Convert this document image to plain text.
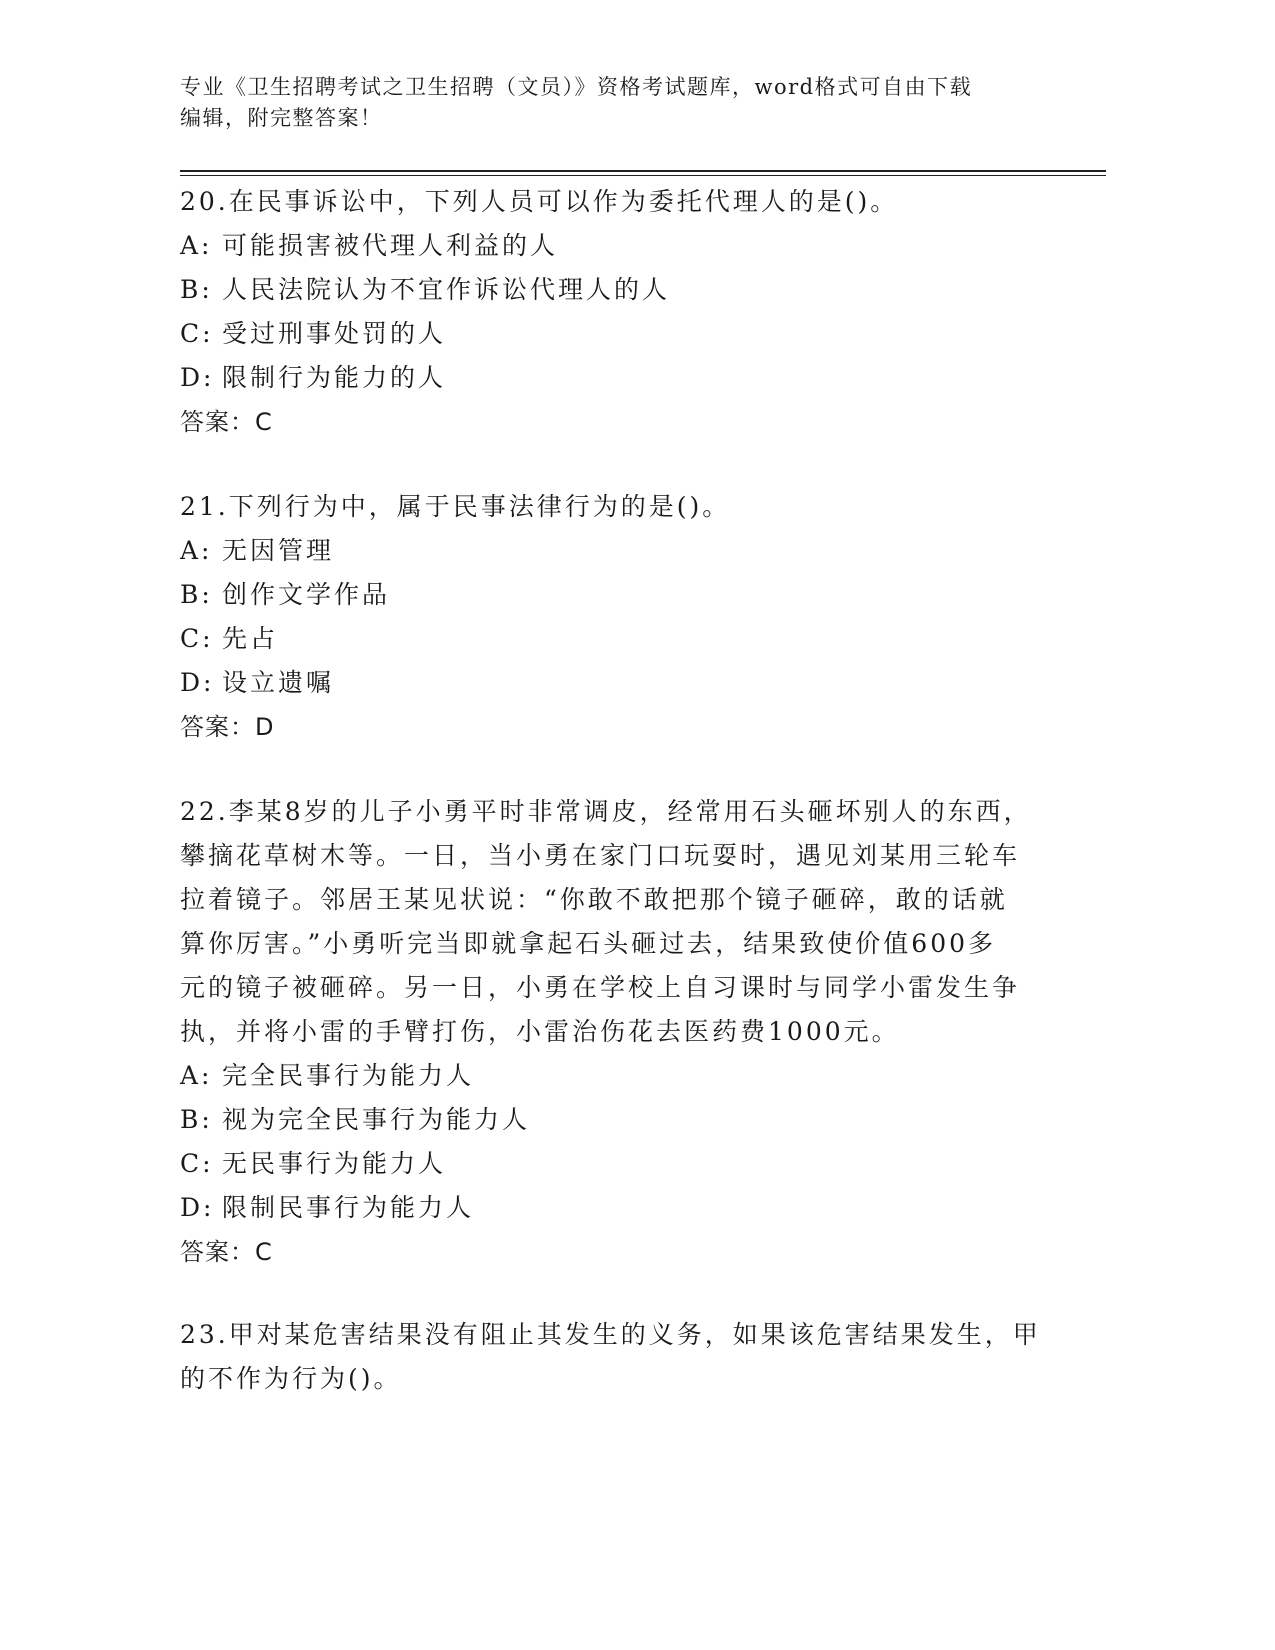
专业《卫生招聘考试之卫生招聘（文员）》资格考试题库，word格式可自由下载
编辑，附完整答案！
20.在民事诉讼中，下列人员可以作为委托代理人的是()。
A: 可能损害被代理人利益的人
B: 人民法院认为不宜作诉讼代理人的人
C: 受过刑事处罚的人
D: 限制行为能力的人
答案：C
21.下列行为中，属于民事法律行为的是()。
A: 无因管理
B: 创作文学作品
C: 先占
D: 设立遗嘱
答案：D
22.李某8岁的儿子小勇平时非常调皮，经常用石头砸坏别人的东西，
攀摘花草树木等。一日，当小勇在家门口玩耍时，遇见刘某用三轮车
拉着镜子。邻居王某见状说：“你敢不敢把那个镜子砸碎，敢的话就
算你厉害。”小勇听完当即就拿起石头砸过去，结果致使价值600多
元的镜子被砸碎。另一日，小勇在学校上自习课时与同学小雷发生争
执，并将小雷的手臂打伤，小雷治伤花去医药费1000元。
A: 完全民事行为能力人
B: 视为完全民事行为能力人
C: 无民事行为能力人
D: 限制民事行为能力人
答案：C
23.甲对某危害结果没有阻止其发生的义务，如果该危害结果发生，甲
的不作为行为()。
